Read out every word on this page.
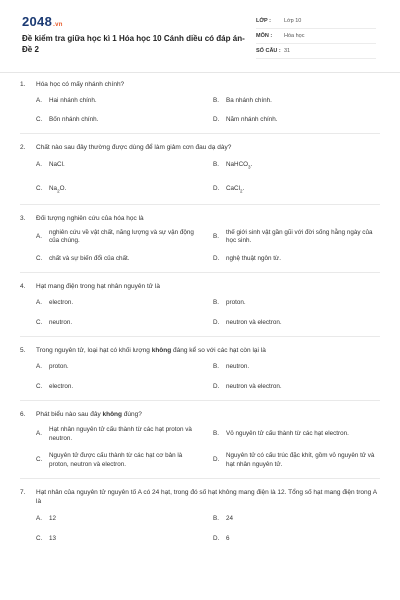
2048.vn
Đề kiểm tra giữa học kì 1 Hóa học 10 Cánh diều có đáp án- Đề 2
LỚP :	Lớp 10
MÔN :	Hóa học
SỐ CÂU : 31
1.	Hóa học có mấy nhánh chính?
A.	Hai nhánh chính.	B.	Ba nhánh chính.
C.	Bốn nhánh chính.	D.	Năm nhánh chính.
2.	Chất nào sau đây thường được dùng để làm giảm cơn đau dạ dày?
A.	NaCl.	B.	NaHCO$_3$.
C.	$Na_2O$.	D.	CaCl$_2$.
3.	Đối tượng nghiên cứu của hóa học là
A.
nghiên cứu về vật chất, năng lượng và sự vận động của chúng.
B.
thế giới sinh vật gần gũi với đời sống hằng ngày của học sinh.
C.	chất và sự biến đổi của chất.	D.	nghệ thuật ngôn từ.
4.	Hạt mang điện trong hạt nhân nguyên tử là
A.	electron.	B.	proton.
C.	neutron.	D.	neutron và electron.
5.	Trong nguyên tử, loại hạt có khối lượng không đáng kể so với các hạt còn lại là
A.	proton.	B.	neutron.
C.	electron.	D.	neutron và electron.
6.	Phát biểu nào sau đây không đúng?
A.
Hạt nhân nguyên tử cấu thành từ các hạt proton và neutron.
B.	Vỏ nguyên tử cấu thành từ các hạt electron.
C.
Nguyên tử được cấu thành từ các hạt cơ bản là proton, neutron và electron.
D.
Nguyên tử có cấu trúc đặc khít, gồm vỏ nguyên tử và hạt nhân nguyên tử.
7.	Hạt nhân của nguyên tử nguyên tố A có 24 hạt, trong đó số hạt không mang điện là 12. Tổng số hạt mang điện trong A là
A.	12	B.	24
C.	13	D.	6
